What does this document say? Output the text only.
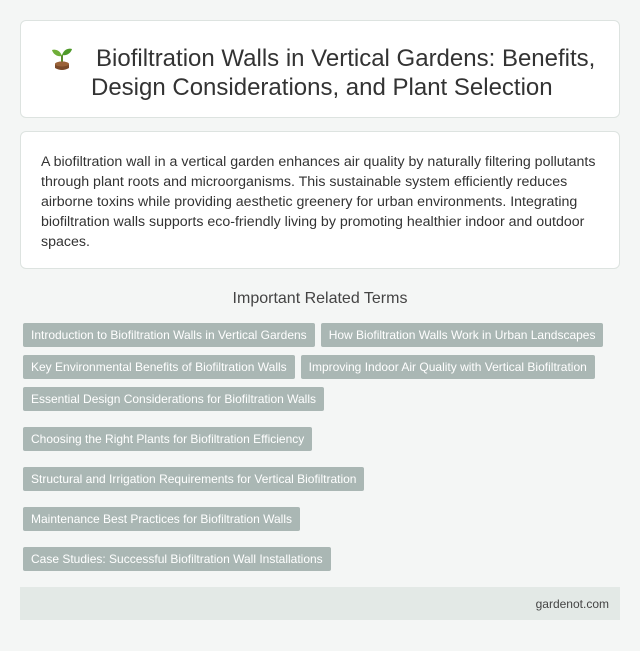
Biofiltration Walls in Vertical Gardens: Benefits, Design Considerations, and Plant Selection

A biofiltration wall in a vertical garden enhances air quality by naturally filtering pollutants through plant roots and microorganisms. This sustainable system efficiently reduces airborne toxins while providing aesthetic greenery for urban environments. Integrating biofiltration walls supports eco-friendly living by promoting healthier indoor and outdoor spaces.

Important Related Terms
Introduction to Biofiltration Walls in Vertical Gardens	How Biofiltration Walls Work in Urban Landscapes
Key Environmental Benefits of Biofiltration Walls	Improving Indoor Air Quality with Vertical Biofiltration
Essential Design Considerations for Biofiltration Walls
Choosing the Right Plants for Biofiltration Efficiency
Structural and Irrigation Requirements for Vertical Biofiltration
Maintenance Best Practices for Biofiltration Walls
Case Studies: Successful Biofiltration Wall Installations
gardenot.com
